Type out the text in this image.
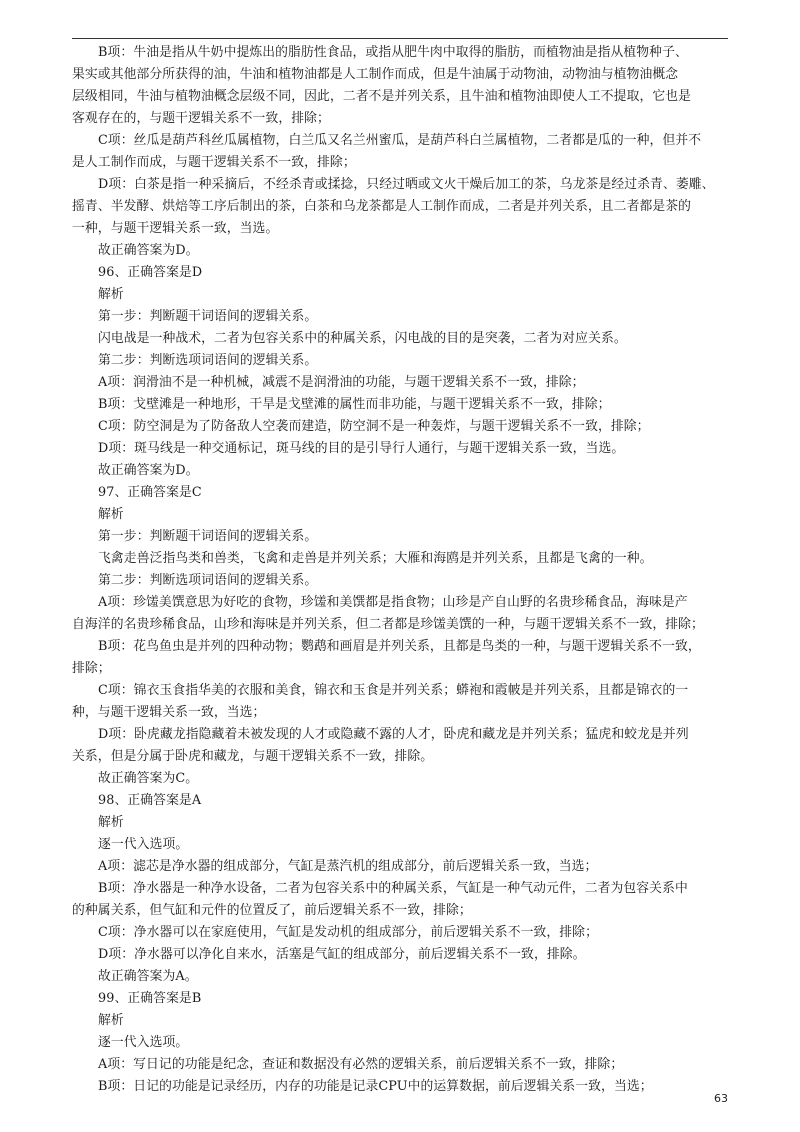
B项：牛油是指从牛奶中提炼出的脂肪性食品，或指从肥牛肉中取得的脂肪，而植物油是指从植物种子、
果实或其他部分所获得的油，牛油和植物油都是人工制作而成，但是牛油属于动物油，动物油与植物油概念
层级相同，牛油与植物油概念层级不同，因此，二者不是并列关系，且牛油和植物油即使人工不提取，它也是
客观存在的，与题干逻辑关系不一致，排除；
C项：丝瓜是葫芦科丝瓜属植物，白兰瓜又名兰州蜜瓜，是葫芦科白兰属植物，二者都是瓜的一种，但并不
是人工制作而成，与题干逻辑关系不一致，排除；
D项：白茶是指一种采摘后，不经杀青或揉捻，只经过晒或文火干燥后加工的茶，乌龙茶是经过杀青、萎雕、
摇青、半发酵、烘焙等工序后制出的茶，白茶和乌龙茶都是人工制作而成，二者是并列关系，且二者都是茶的
一种，与题干逻辑关系一致，当选。
故正确答案为D。
96、正确答案是D
解析
第一步：判断题干词语间的逻辑关系。
闪电战是一种战术，二者为包容关系中的种属关系，闪电战的目的是突袭，二者为对应关系。
第二步：判断选项词语间的逻辑关系。
A项：润滑油不是一种机械，减震不是润滑油的功能，与题干逻辑关系不一致，排除；
B项：戈壁滩是一种地形，干旱是戈壁滩的属性而非功能，与题干逻辑关系不一致，排除；
C项：防空洞是为了防备敌人空袭而建造，防空洞不是一种轰炸，与题干逻辑关系不一致，排除；
D项：斑马线是一种交通标记，斑马线的目的是引导行人通行，与题干逻辑关系一致，当选。
故正确答案为D。
97、正确答案是C
解析
第一步：判断题干词语间的逻辑关系。
飞禽走兽泛指鸟类和兽类，飞禽和走兽是并列关系；大雁和海鸥是并列关系，且都是飞禽的一种。
第二步：判断选项词语间的逻辑关系。
A项：珍馐美馔意思为好吃的食物，珍馐和美馔都是指食物；山珍是产自山野的名贵珍稀食品，海味是产
自海洋的名贵珍稀食品，山珍和海味是并列关系，但二者都是珍馐美馔的一种，与题干逻辑关系不一致，排除；
B项：花鸟鱼虫是并列的四种动物；鹦鹉和画眉是并列关系，且都是鸟类的一种，与题干逻辑关系不一致，
排除；
C项：锦衣玉食指华美的衣服和美食，锦衣和玉食是并列关系；蟒袍和霞帔是并列关系，且都是锦衣的一
种，与题干逻辑关系一致，当选；
D项：卧虎藏龙指隐藏着未被发现的人才或隐藏不露的人才，卧虎和藏龙是并列关系；猛虎和蛟龙是并列
关系，但是分属于卧虎和藏龙，与题干逻辑关系不一致，排除。
故正确答案为C。
98、正确答案是A
解析
逐一代入选项。
A项：滤芯是净水器的组成部分，气缸是蒸汽机的组成部分，前后逻辑关系一致，当选；
B项：净水器是一种净水设备，二者为包容关系中的种属关系，气缸是一种气动元件，二者为包容关系中
的种属关系，但气缸和元件的位置反了，前后逻辑关系不一致，排除；
C项：净水器可以在家庭使用，气缸是发动机的组成部分，前后逻辑关系不一致，排除；
D项：净水器可以净化自来水，活塞是气缸的组成部分，前后逻辑关系不一致，排除。
故正确答案为A。
99、正确答案是B
解析
逐一代入选项。
A项：写日记的功能是纪念，查证和数据没有必然的逻辑关系，前后逻辑关系不一致，排除；
B项：日记的功能是记录经历，内存的功能是记录CPU中的运算数据，前后逻辑关系一致，当选；
63
